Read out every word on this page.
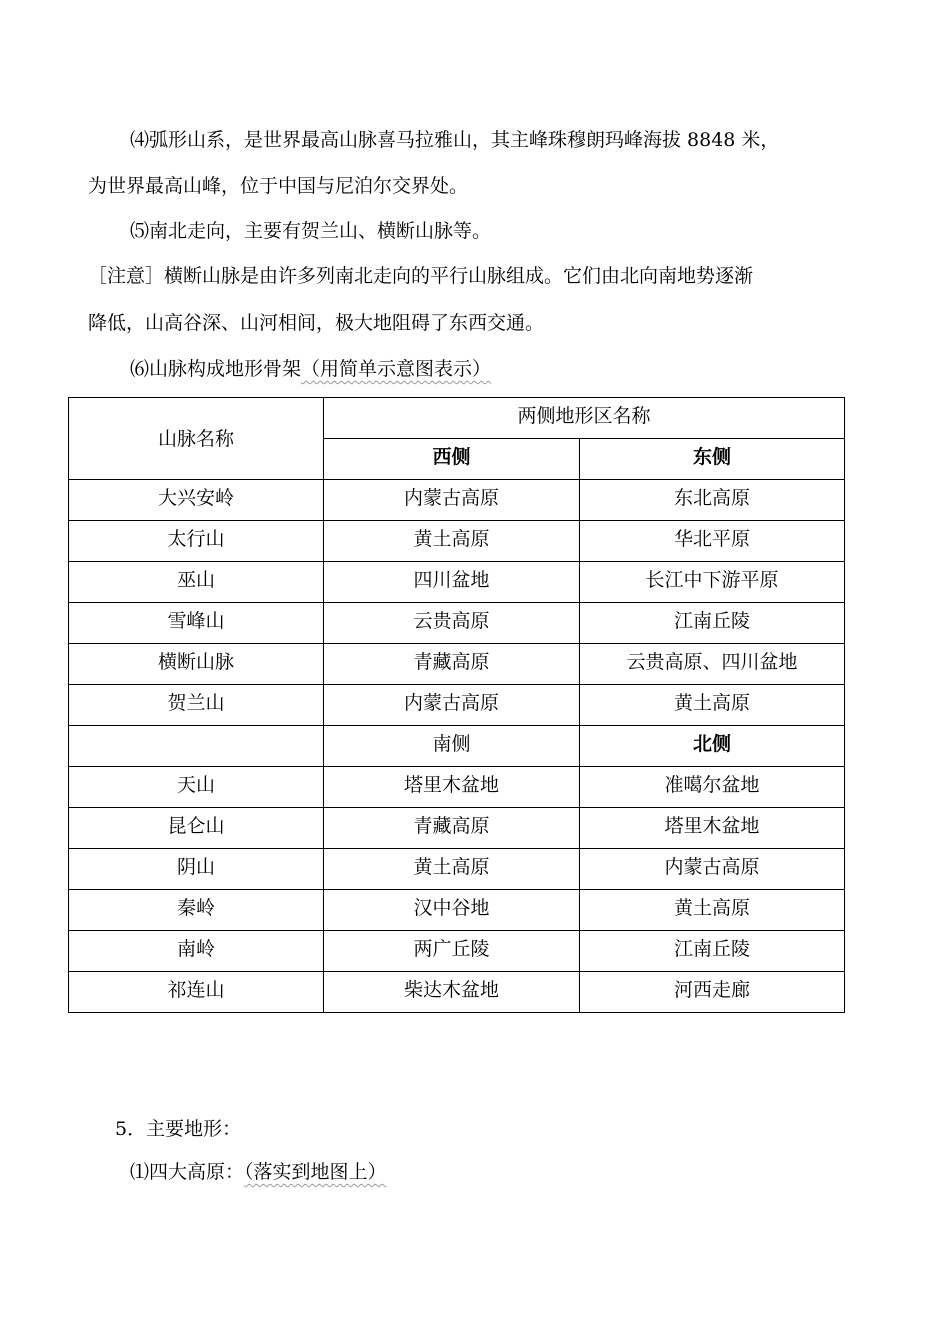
⑷弧形山系，是世界最高山脉喜马拉雅山，其主峰珠穆朗玛峰海拔 8848 米，
为世界最高山峰，位于中国与尼泊尔交界处。
⑸南北走向，主要有贺兰山、横断山脉等。
［注意］横断山脉是由许多列南北走向的平行山脉组成。它们由北向南地势逐渐
降低，山高谷深、山河相间，极大地阻碍了东西交通。
⑹山脉构成地形骨架（用简单示意图表示）
山脉名称	两侧地形区名称	
	西侧	东侧
大兴安岭	内蒙古高原	东北高原
太行山	黄土高原	华北平原
巫山	四川盆地	长江中下游平原
雪峰山	云贵高原	江南丘陵
横断山脉	青藏高原	云贵高原、四川盆地
贺兰山	内蒙古高原	黄土高原
	南侧	北侧
天山	塔里木盆地	准噶尔盆地
昆仑山	青藏高原	塔里木盆地
阴山	黄土高原	内蒙古高原
秦岭	汉中谷地	黄土高原
南岭	两广丘陵	江南丘陵
祁连山	柴达木盆地	河西走廊
5．主要地形：
⑴四大高原：（落实到地图上）
